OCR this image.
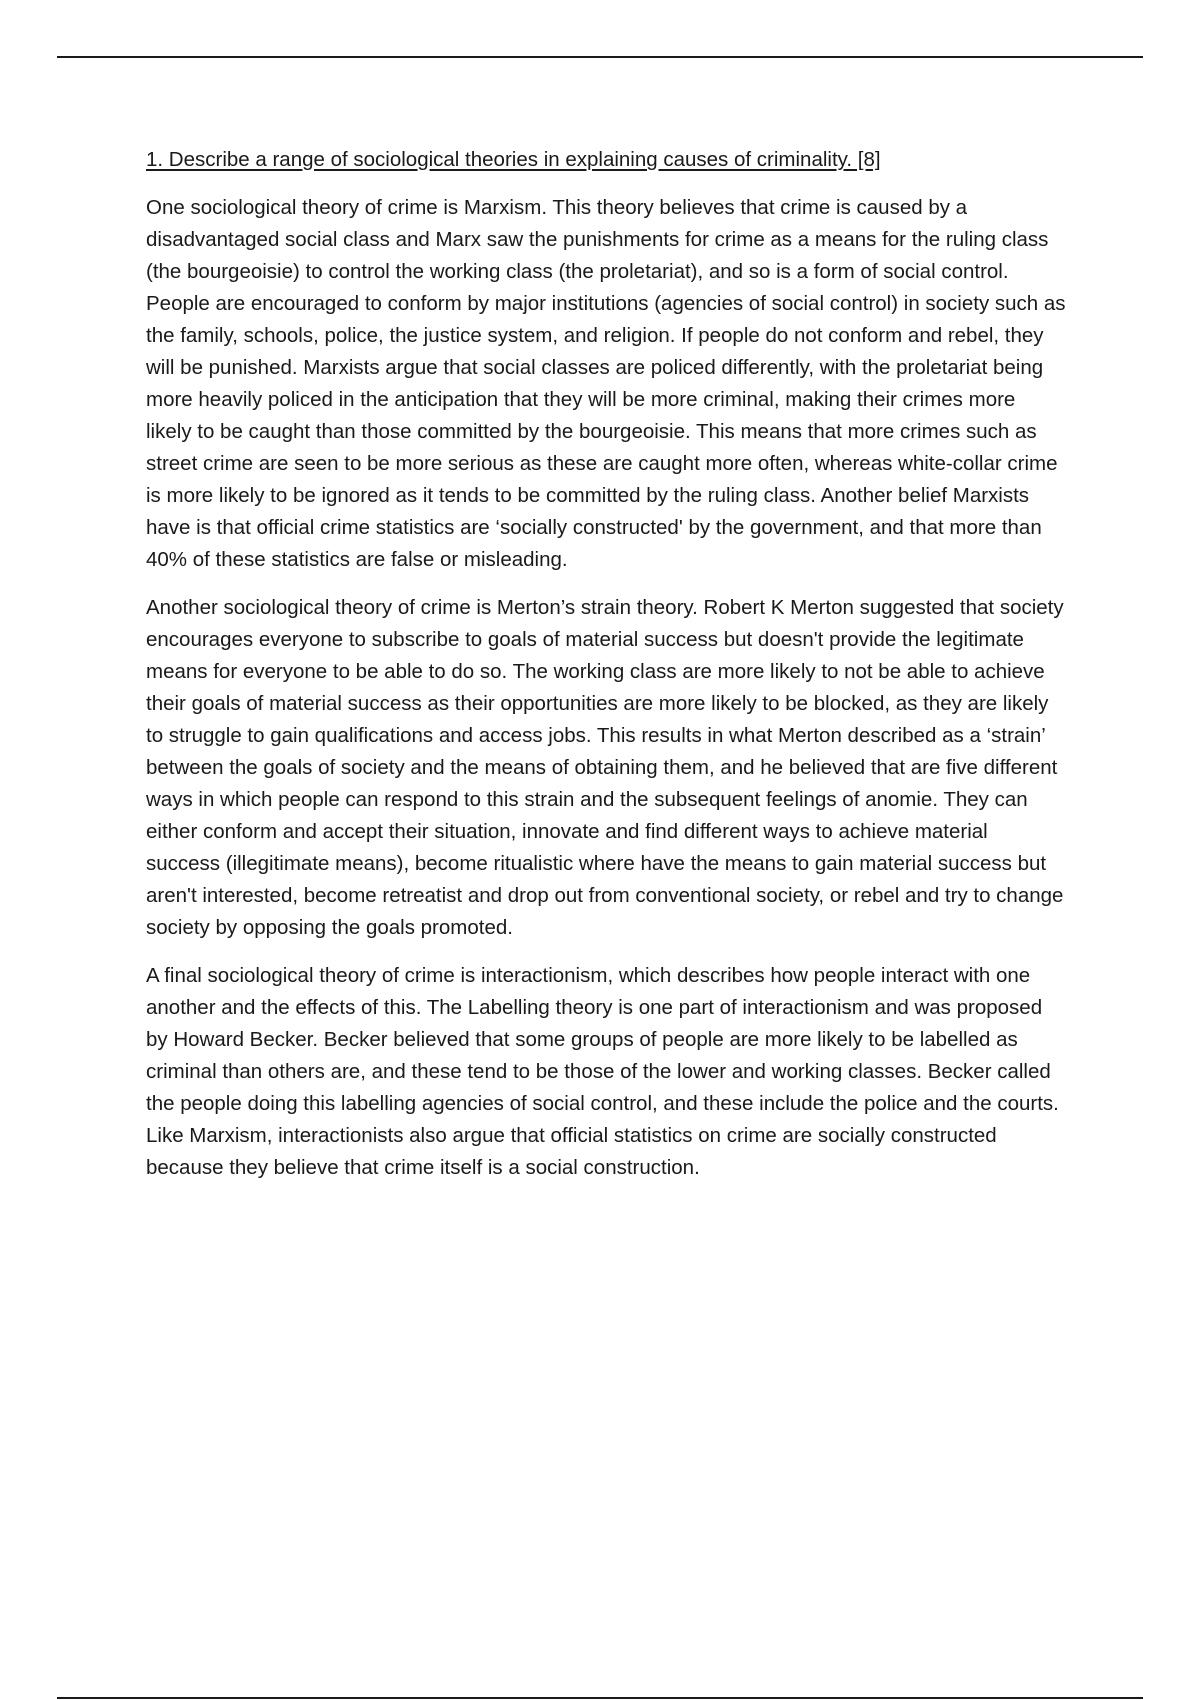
1. Describe a range of sociological theories in explaining causes of criminality. [8]

One sociological theory of crime is Marxism. This theory believes that crime is caused by a disadvantaged social class and Marx saw the punishments for crime as a means for the ruling class (the bourgeoisie) to control the working class (the proletariat), and so is a form of social control. People are encouraged to conform by major institutions (agencies of social control) in society such as the family, schools, police, the justice system, and religion. If people do not conform and rebel, they will be punished. Marxists argue that social classes are policed differently, with the proletariat being more heavily policed in the anticipation that they will be more criminal, making their crimes more likely to be caught than those committed by the bourgeoisie. This means that more crimes such as street crime are seen to be more serious as these are caught more often, whereas white-collar crime is more likely to be ignored as it tends to be committed by the ruling class. Another belief Marxists have is that official crime statistics are ‘socially constructed' by the government, and that more than 40% of these statistics are false or misleading.

Another sociological theory of crime is Merton’s strain theory. Robert K Merton suggested that society encourages everyone to subscribe to goals of material success but doesn't provide the legitimate means for everyone to be able to do so. The working class are more likely to not be able to achieve their goals of material success as their opportunities are more likely to be blocked, as they are likely to struggle to gain qualifications and access jobs. This results in what Merton described as a ‘strain’ between the goals of society and the means of obtaining them, and he believed that are five different ways in which people can respond to this strain and the subsequent feelings of anomie. They can either conform and accept their situation, innovate and find different ways to achieve material success (illegitimate means), become ritualistic where have the means to gain material success but aren't interested, become retreatist and drop out from conventional society, or rebel and try to change society by opposing the goals promoted.

A final sociological theory of crime is interactionism, which describes how people interact with one another and the effects of this. The Labelling theory is one part of interactionism and was proposed by Howard Becker. Becker believed that some groups of people are more likely to be labelled as criminal than others are, and these tend to be those of the lower and working classes. Becker called the people doing this labelling agencies of social control, and these include the police and the courts. Like Marxism, interactionists also argue that official statistics on crime are socially constructed because they believe that crime itself is a social construction.
